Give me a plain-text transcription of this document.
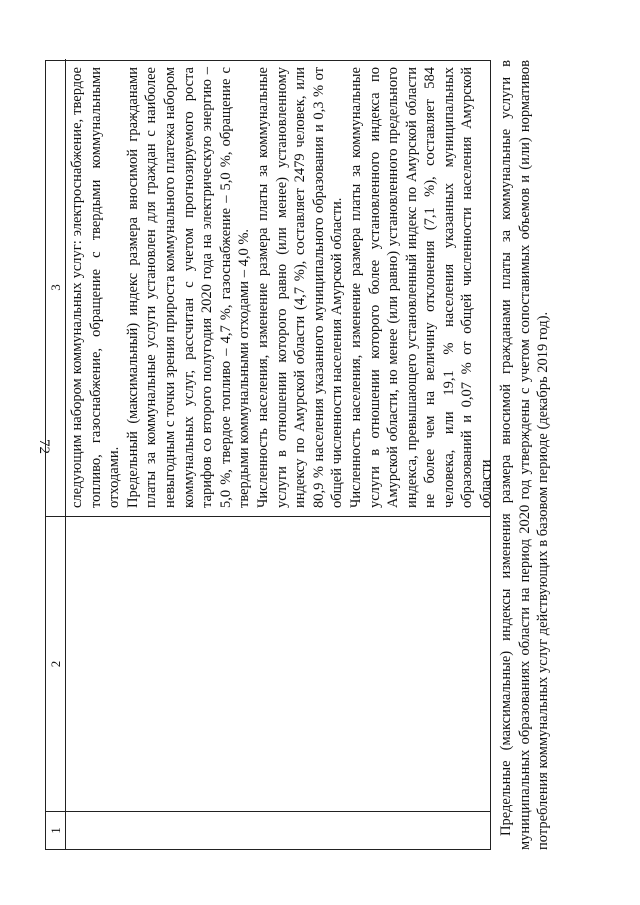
72
1
2
3 следующим набором коммунальных услуг: электроснабжение, твердое топливо, газоснабжение, обращение с твердыми коммунальными отходами. Предельный (максимальный) индекс размера вносимой гражданами платы за коммунальные услуги установлен для граждан с наиболее невыгодным с точки зрения прироста коммунального платежа набором коммунальных услуг, рассчитан с учетом прогнозируемого роста тарифов со второго полугодия 2020 года на электрическую энергию – 5,0 %, твердое топливо – 4,7 %, газоснабжение – 5,0 %, обращение с твердыми коммунальными отходами – 4,0 %. Численность населения, изменение размера платы за коммунальные услуги в отношении которого равно (или менее) установленному индексу по Амурской области (4,7 %), составляет 2479 человек, или 80,9 % населения указанного муниципального образования и 0,3 % от общей численности населения Амурской области. Численность населения, изменение размера платы за коммунальные услуги в отношении которого более установленного индекса по Амурской области, но менее (или равно) установленного предельного индекса, превышающего установленный индекс по Амурской области не более чем на величину отклонения (7,1 %), составляет 584 человека, или 19,1 % населения указанных муниципальных образований и 0,07 % от общей численности населения Амурской области Предельные (максимальные) индексы изменения размера вносимой гражданами платы за коммунальные услуги в муниципальных образованиях области на период 2020 год утверждены с учетом сопоставимых объемов и (или) нормативов потребления коммунальных услуг действующих в базовом периоде (декабрь 2019 год).
